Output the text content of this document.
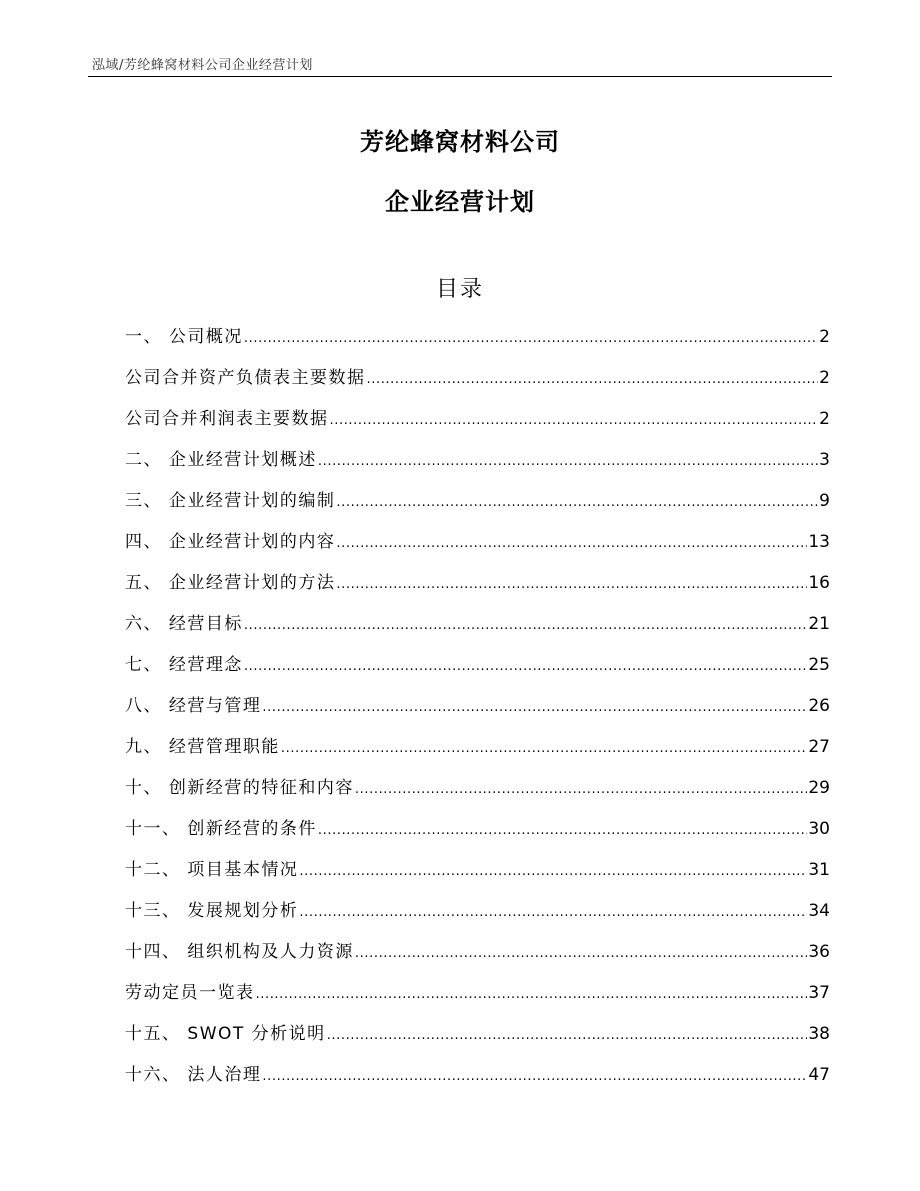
泓域/芳纶蜂窝材料公司企业经营计划
芳纶蜂窝材料公司
企业经营计划
目录
一、 公司概况 .....	2
公司合并资产负债表主要数据 .....	2
公司合并利润表主要数据 .....	2
二、 企业经营计划概述 .....	3
三、 企业经营计划的编制 .....	9
四、 企业经营计划的内容 .....	13
五、 企业经营计划的方法 .....	16
六、 经营目标 .....	21
七、 经营理念 .....	25
八、 经营与管理 .....	26
九、 经营管理职能 .....	27
十、 创新经营的特征和内容 .....	29
十一、 创新经营的条件 .....	30
十二、 项目基本情况 .....	31
十三、 发展规划分析 .....	34
十四、 组织机构及人力资源 .....	36
劳动定员一览表 .....	37
十五、 SWOT 分析说明 .....	38
十六、 法人治理 .....	47
